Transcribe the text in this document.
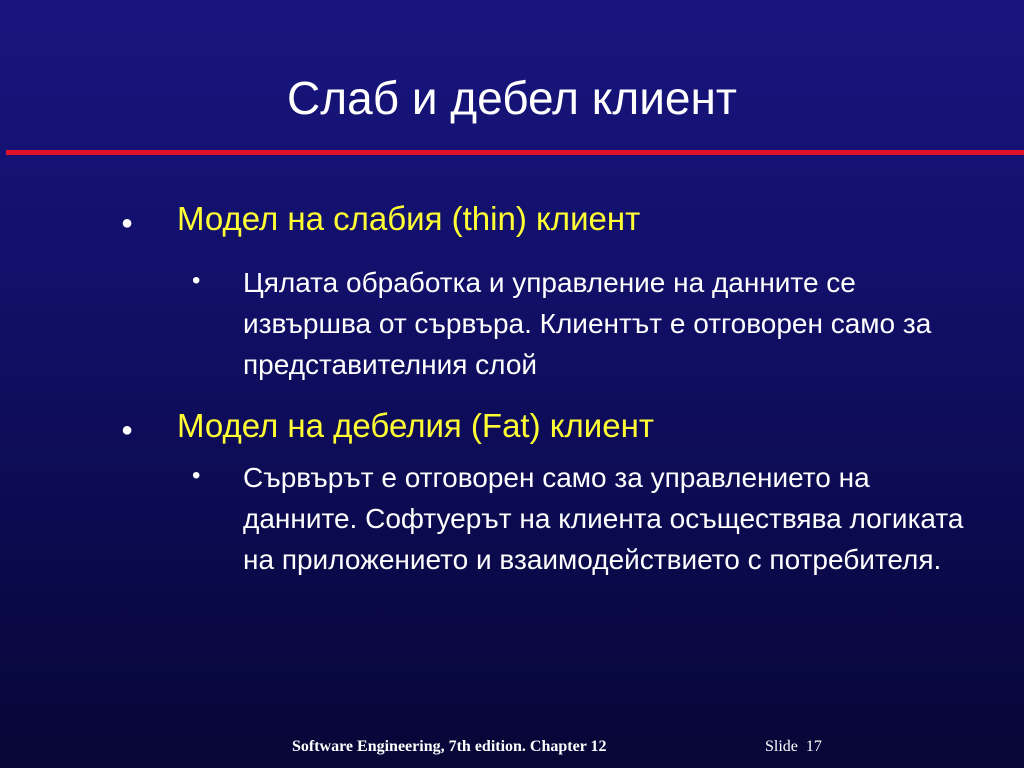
Слаб и дебел клиент
● Модел на слабия (thin) клиент
• Цялата обработка и управление на данните се извършва от сървъра. Клиентът е отговорен само за представителния слой
● Модел на дебелия (Fat) клиент
• Сървърът е отговорен само за управлението на данните. Софтуерът на клиента осъществява логиката на приложението и взаимодействието с потребителя.
Software Engineering, 7th edition. Chapter 12	Slide 17
